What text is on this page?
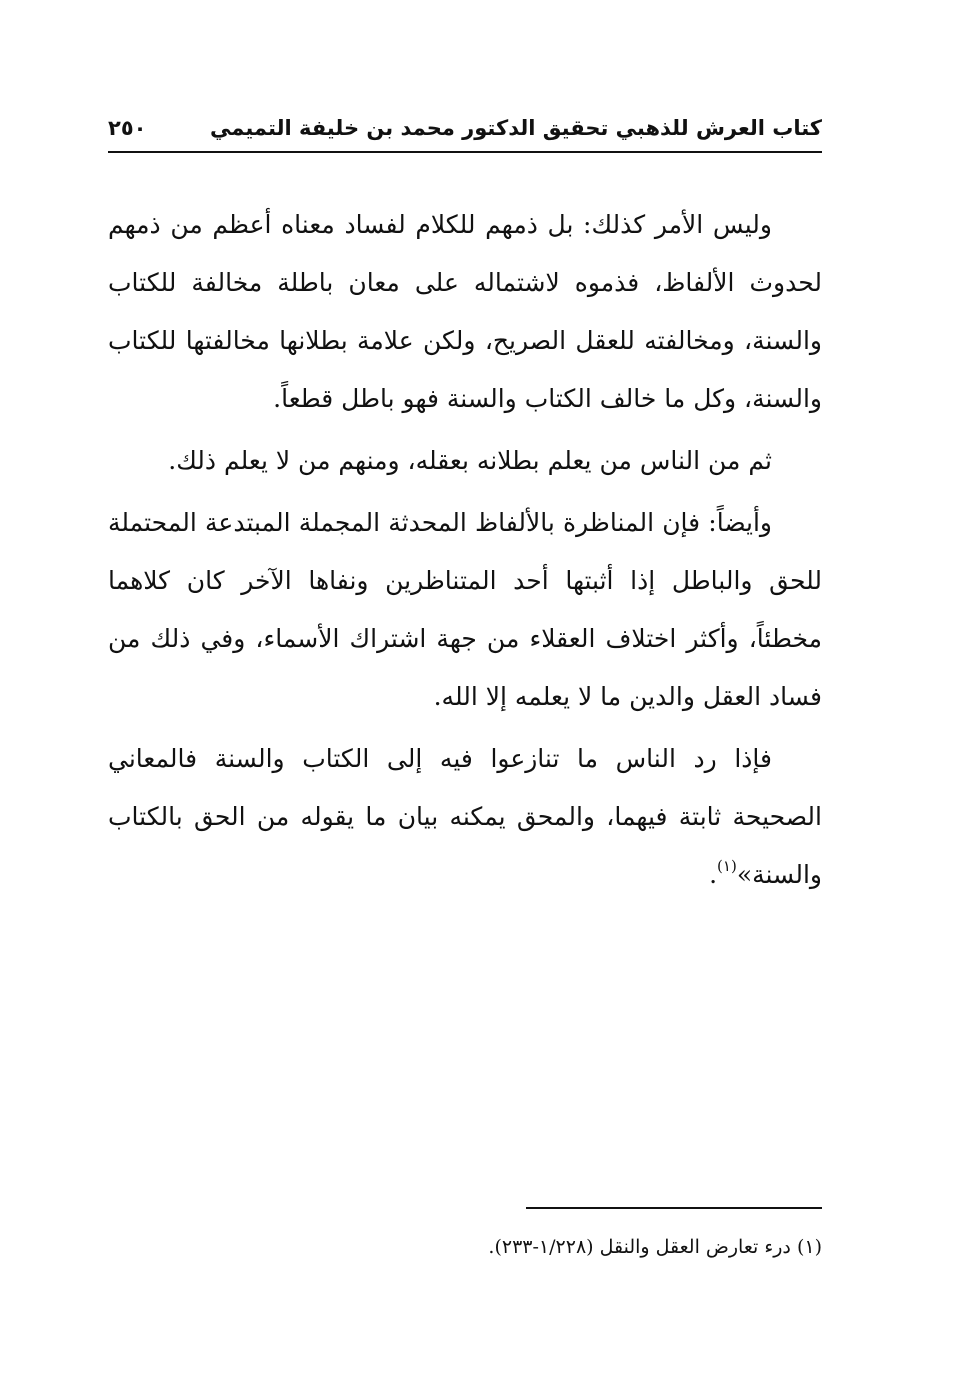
كتاب العرش للذهبي تحقيق الدكتور محمد بن خليفة التميمي
٢٥٠

وليس الأمر كذلك: بل ذمهم للكلام لفساد معناه أعظم من ذمهم لحدوث الألفاظ، فذموه لاشتماله على معان باطلة مخالفة للكتاب والسنة، ومخالفته للعقل الصريح، ولكن علامة بطلانها مخالفتها للكتاب والسنة، وكل ما خالف الكتاب والسنة فهو باطل قطعاً.

ثم من الناس من يعلم بطلانه بعقله، ومنهم من لا يعلم ذلك.

وأيضاً: فإن المناظرة بالألفاظ المحدثة المجملة المبتدعة المحتملة للحق والباطل إذا أثبتها أحد المتناظرين ونفاها الآخر كان كلاهما مخطئاً، وأكثر اختلاف العقلاء من جهة اشتراك الأسماء، وفي ذلك من فساد العقل والدين ما لا يعلمه إلا الله.

فإذا رد الناس ما تنازعوا فيه إلى الكتاب والسنة فالمعاني الصحيحة ثابتة فيهما، والمحق يمكنه بيان ما يقوله من الحق بالكتاب والسنة»$^{(١)}$.

(١) درء تعارض العقل والنقل (١/٢٢٨-٢٣٣).
